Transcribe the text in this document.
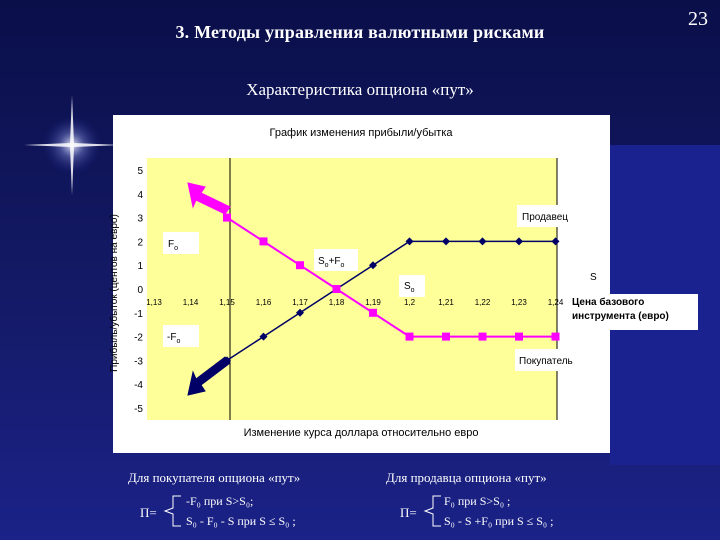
23
3. Методы управления валютными рисками
Характеристика опциона «пут»
График изменения прибыли/убытка
Изменение курса доллара относительно евро
Прибыль/убыток (центов на евро)
5
4
3
2
1
0
-1
-2
-3
-4
-5
1,13	1,14	1,15	1,16	1,17	1,18	1,19	1,2	1,21	1,22	1,23	1,24
$F_o$
$-F_o$
$S_o+F_o$
$S_o$
S
Продавец
Покупатель
Цена базового инструмента (евро)
Для покупателя опциона «пут»
П=
-F₀ при S>S₀;
S₀ - F₀ - S при S ≤ S₀ ;
Для продавца опциона «пут»
П=
F₀ при S>S₀ ;
S₀ - S +F₀ при S ≤ S₀ ;
